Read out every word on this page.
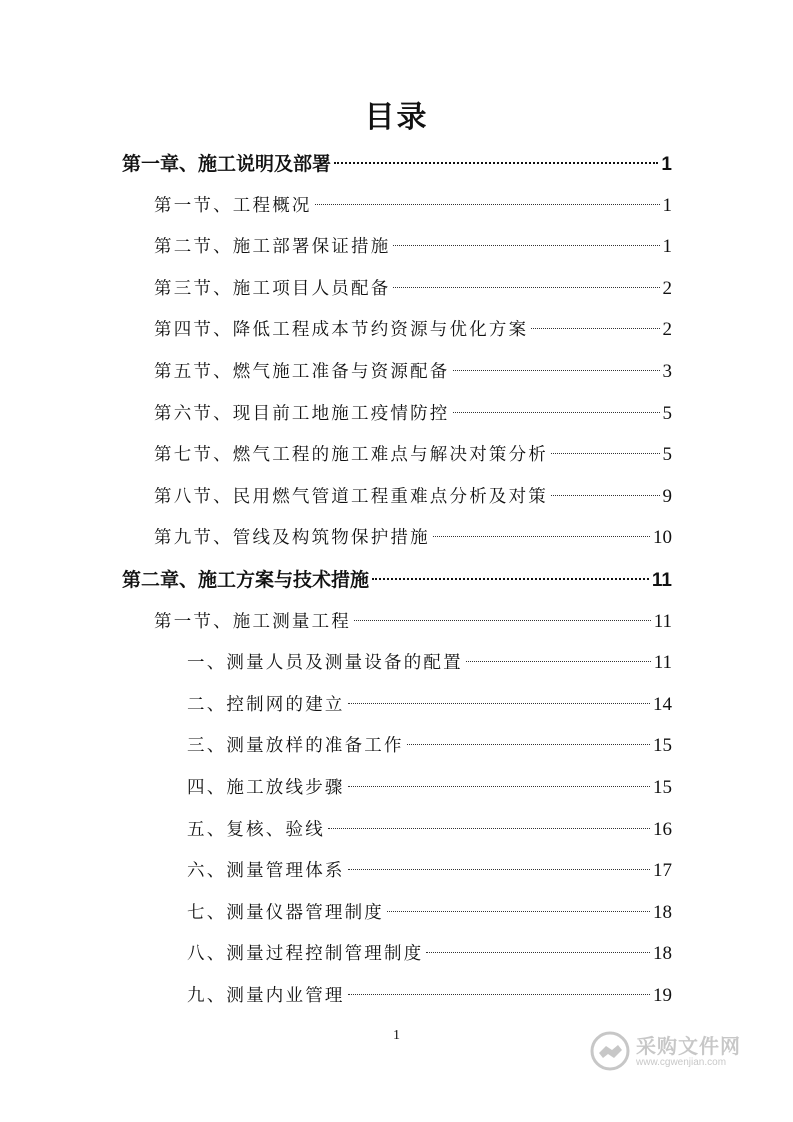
目录
第一章、施工说明及部署	1
第一节、工程概况	1
第二节、施工部署保证措施	1
第三节、施工项目人员配备	2
第四节、降低工程成本节约资源与优化方案	2
第五节、燃气施工准备与资源配备	3
第六节、现目前工地施工疫情防控	5
第七节、燃气工程的施工难点与解决对策分析	5
第八节、民用燃气管道工程重难点分析及对策	9
第九节、管线及构筑物保护措施	10
第二章、施工方案与技术措施	11
第一节、施工测量工程	11
一、测量人员及测量设备的配置	11
二、控制网的建立	14
三、测量放样的准备工作	15
四、施工放线步骤	15
五、复核、验线	16
六、测量管理体系	17
七、测量仪器管理制度	18
八、测量过程控制管理制度	18
九、测量内业管理	19
1	采购文件网
www.cgwenjian.com
